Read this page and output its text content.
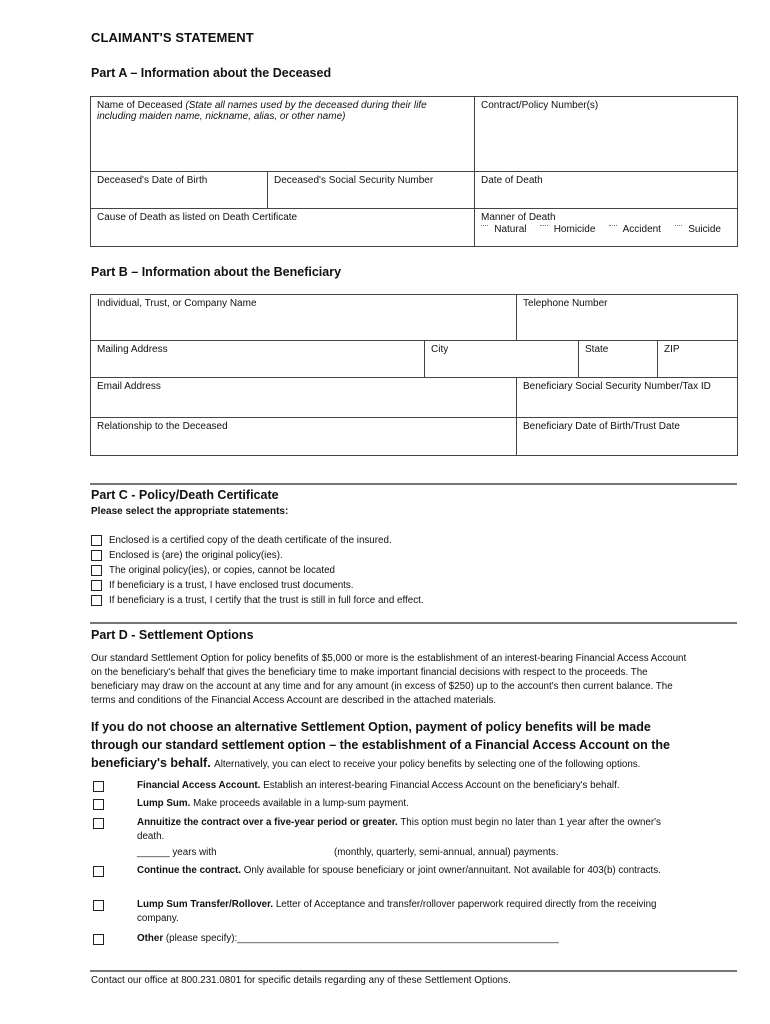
CLAIMANT'S STATEMENT
Part A – Information about the Deceased
Name of Deceased (State all names used by the deceased during their life including maiden name, nickname, alias, or other name)		Contract/Policy Number(s)
Deceased's Date of Birth	Deceased's Social Security Number	Date of Death
Cause of Death as listed on Death Certificate		Manner of Death
Natural Homicide Accident Suicide
Part B – Information about the Beneficiary
Individual, Trust, or Company Name		Telephone Number		
Mailing Address	City		State	ZIP
Email Address		Beneficiary Social Security Number/Tax ID		
Relationship to the Deceased		Beneficiary Date of Birth/Trust Date		
Part C - Policy/Death Certificate
Please select the appropriate statements:
Enclosed is a certified copy of the death certificate of the insured.
Enclosed is (are) the original policy(ies).
The original policy(ies), or copies, cannot be located
If beneficiary is a trust, I have enclosed trust documents.
If beneficiary is a trust, I certify that the trust is still in full force and effect.
Part D - Settlement Options
Our standard Settlement Option for policy benefits of $5,000 or more is the establishment of an interest-bearing Financial Access Account on the beneficiary's behalf that gives the beneficiary time to make important financial decisions with respect to the proceeds. The beneficiary may draw on the account at any time and for any amount (in excess of $250) up to the account's then current balance. The terms and conditions of the Financial Access Account are described in the attached materials.
If you do not choose an alternative Settlement Option, payment of policy benefits will be made through our standard settlement option – the establishment of a Financial Access Account on the beneficiary's behalf. Alternatively, you can elect to receive your policy benefits by selecting one of the following options.
Financial Access Account. Establish an interest-bearing Financial Access Account on the beneficiary's behalf.
Lump Sum. Make proceeds available in a lump-sum payment.
Annuitize the contract over a five-year period or greater. This option must begin no later than 1 year after the owner's death.
______ years with	(monthly, quarterly, semi-annual, annual) payments.
Continue the contract. Only available for spouse beneficiary or joint owner/annuitant. Not available for 403(b) contracts.
Lump Sum Transfer/Rollover. Letter of Acceptance and transfer/rollover paperwork required directly from the receiving company.
Other (please specify):___________________________________________________________
Contact our office at 800.231.0801 for specific details regarding any of these Settlement Options.
